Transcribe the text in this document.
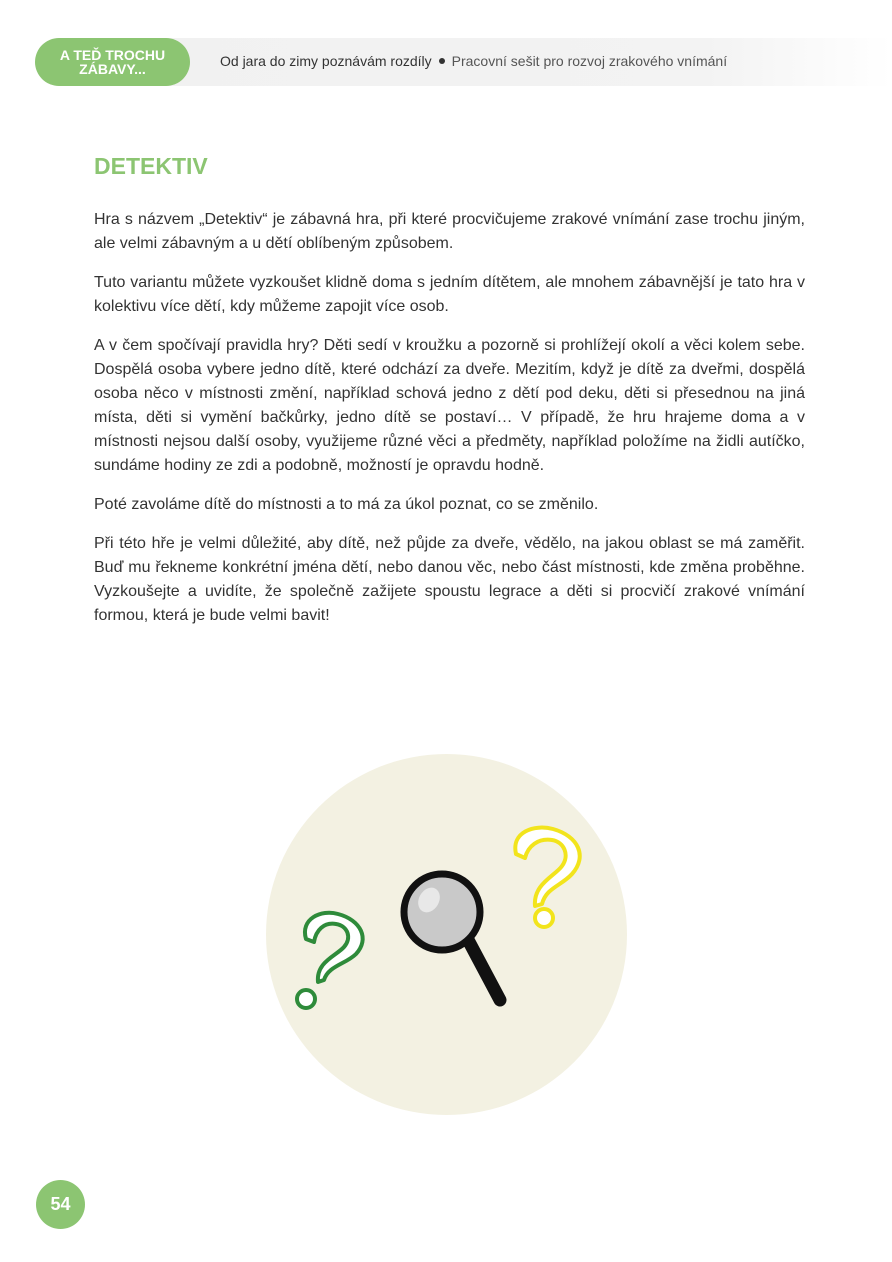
A TEĎ TROCHU
ZÁBAVY...	Od jara do zimy poznávám rozdíly Pracovní sešit pro rozvoj zrakového vnímání
DETEKTIV

Hra s názvem „Detektiv“ je zábavná hra, při které procvičujeme zrakové vnímání zase trochu jiným, ale velmi zábavným a u dětí oblíbeným způsobem.

Tuto variantu můžete vyzkoušet klidně doma s jedním dítětem, ale mnohem zábavnější je tato hra v kolektivu více dětí, kdy můžeme zapojit více osob.

A v čem spočívají pravidla hry? Děti sedí v kroužku a pozorně si prohlížejí okolí a věci kolem sebe. Dospělá osoba vybere jedno dítě, které odchází za dveře. Mezitím, když je dítě za dveřmi, dospělá osoba něco v místnosti změní, například schová jedno z dětí pod deku, děti si přesednou na jiná místa, děti si vymění bačkůrky, jedno dítě se postaví… V případě, že hru hrajeme doma a v místnosti nejsou další osoby, využijeme různé věci a předměty, například položíme na židli autíčko, sundáme hodiny ze zdi a podobně, možností je opravdu hodně.

Poté zavoláme dítě do místnosti a to má za úkol poznat, co se změnilo.

Při této hře je velmi důležité, aby dítě, než půjde za dveře, vědělo, na jakou oblast se má zaměřit. Buď mu řekneme konkrétní jména dětí, nebo danou věc, nebo část místnosti, kde změna proběhne. Vyzkoušejte a uvidíte, že společně zažijete spoustu legrace a děti si procvičí zrakové vnímání formou, která je bude velmi bavit!

54
